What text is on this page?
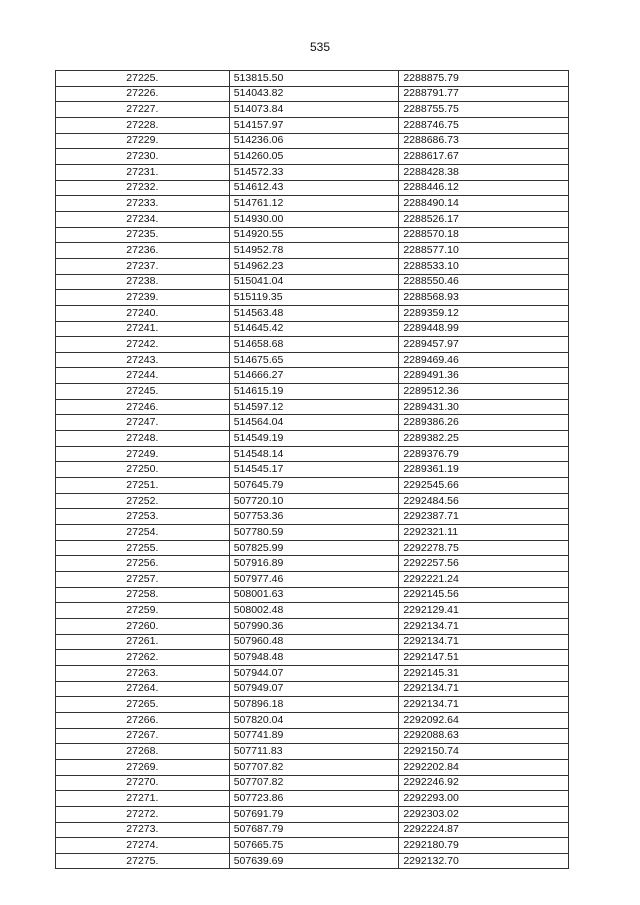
535
27225.	513815.50	2288875.79
27226.	514043.82	2288791.77
27227.	514073.84	2288755.75
27228.	514157.97	2288746.75
27229.	514236.06	2288686.73
27230.	514260.05	2288617.67
27231.	514572.33	2288428.38
27232.	514612.43	2288446.12
27233.	514761.12	2288490.14
27234.	514930.00	2288526.17
27235.	514920.55	2288570.18
27236.	514952.78	2288577.10
27237.	514962.23	2288533.10
27238.	515041.04	2288550.46
27239.	515119.35	2288568.93
27240.	514563.48	2289359.12
27241.	514645.42	2289448.99
27242.	514658.68	2289457.97
27243.	514675.65	2289469.46
27244.	514666.27	2289491.36
27245.	514615.19	2289512.36
27246.	514597.12	2289431.30
27247.	514564.04	2289386.26
27248.	514549.19	2289382.25
27249.	514548.14	2289376.79
27250.	514545.17	2289361.19
27251.	507645.79	2292545.66
27252.	507720.10	2292484.56
27253.	507753.36	2292387.71
27254.	507780.59	2292321.11
27255.	507825.99	2292278.75
27256.	507916.89	2292257.56
27257.	507977.46	2292221.24
27258.	508001.63	2292145.56
27259.	508002.48	2292129.41
27260.	507990.36	2292134.71
27261.	507960.48	2292134.71
27262.	507948.48	2292147.51
27263.	507944.07	2292145.31
27264.	507949.07	2292134.71
27265.	507896.18	2292134.71
27266.	507820.04	2292092.64
27267.	507741.89	2292088.63
27268.	507711.83	2292150.74
27269.	507707.82	2292202.84
27270.	507707.82	2292246.92
27271.	507723.86	2292293.00
27272.	507691.79	2292303.02
27273.	507687.79	2292224.87
27274.	507665.75	2292180.79
27275.	507639.69	2292132.70
